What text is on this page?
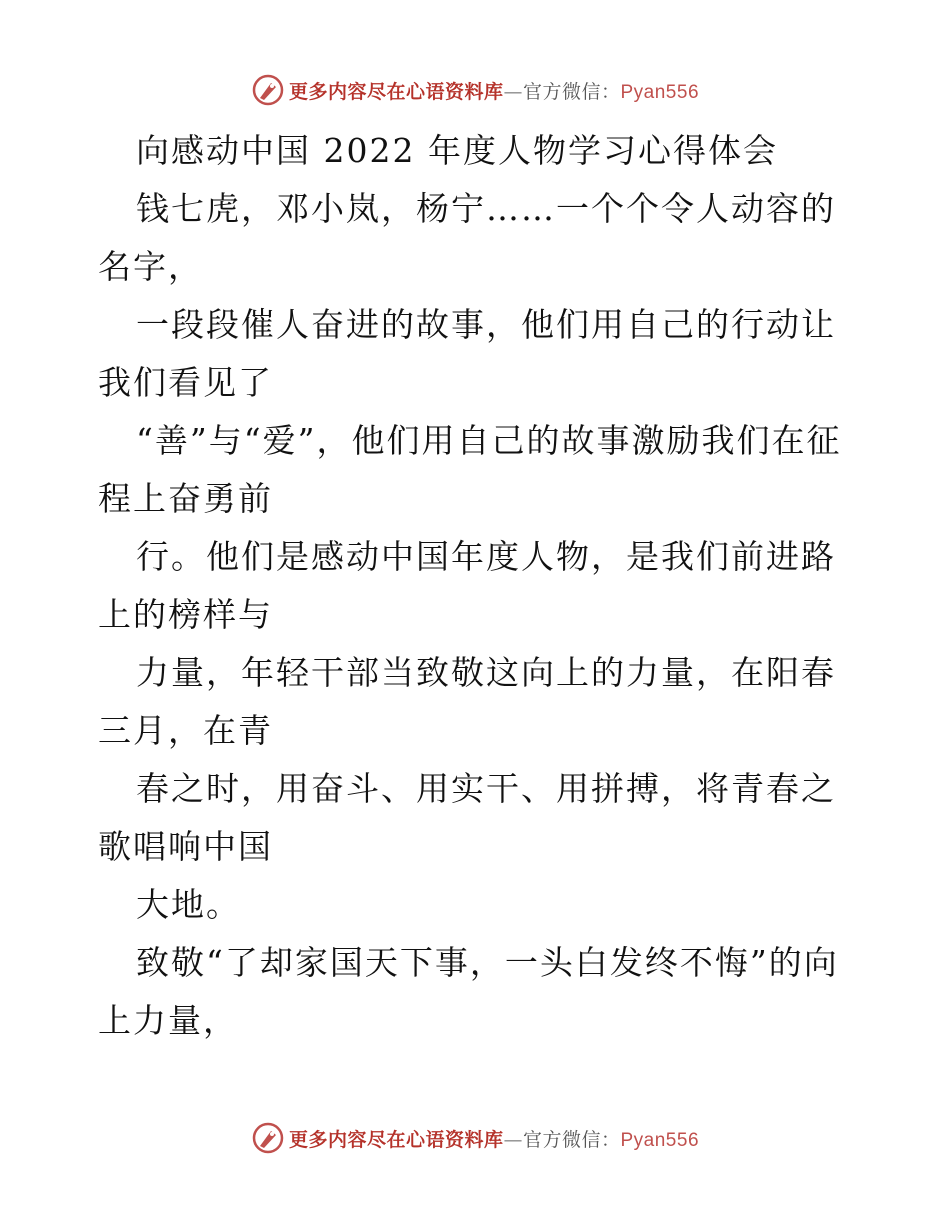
更多内容尽在心语资料库—官方微信：Pyan556

向感动中国 2022 年度人物学习心得体会

钱七虎，邓小岚，杨宁……一个个令人动容的名字，

一段段催人奋进的故事，他们用自己的行动让我们看见了

“善”与“爱”，他们用自己的故事激励我们在征程上奋勇前

行。他们是感动中国年度人物，是我们前进路上的榜样与

力量，年轻干部当致敬这向上的力量，在阳春三月，在青

春之时，用奋斗、用实干、用拼搏，将青春之歌唱响中国

大地。

致敬“了却家国天下事，一头白发终不悔”的向上力量，

更多内容尽在心语资料库—官方微信：Pyan556
